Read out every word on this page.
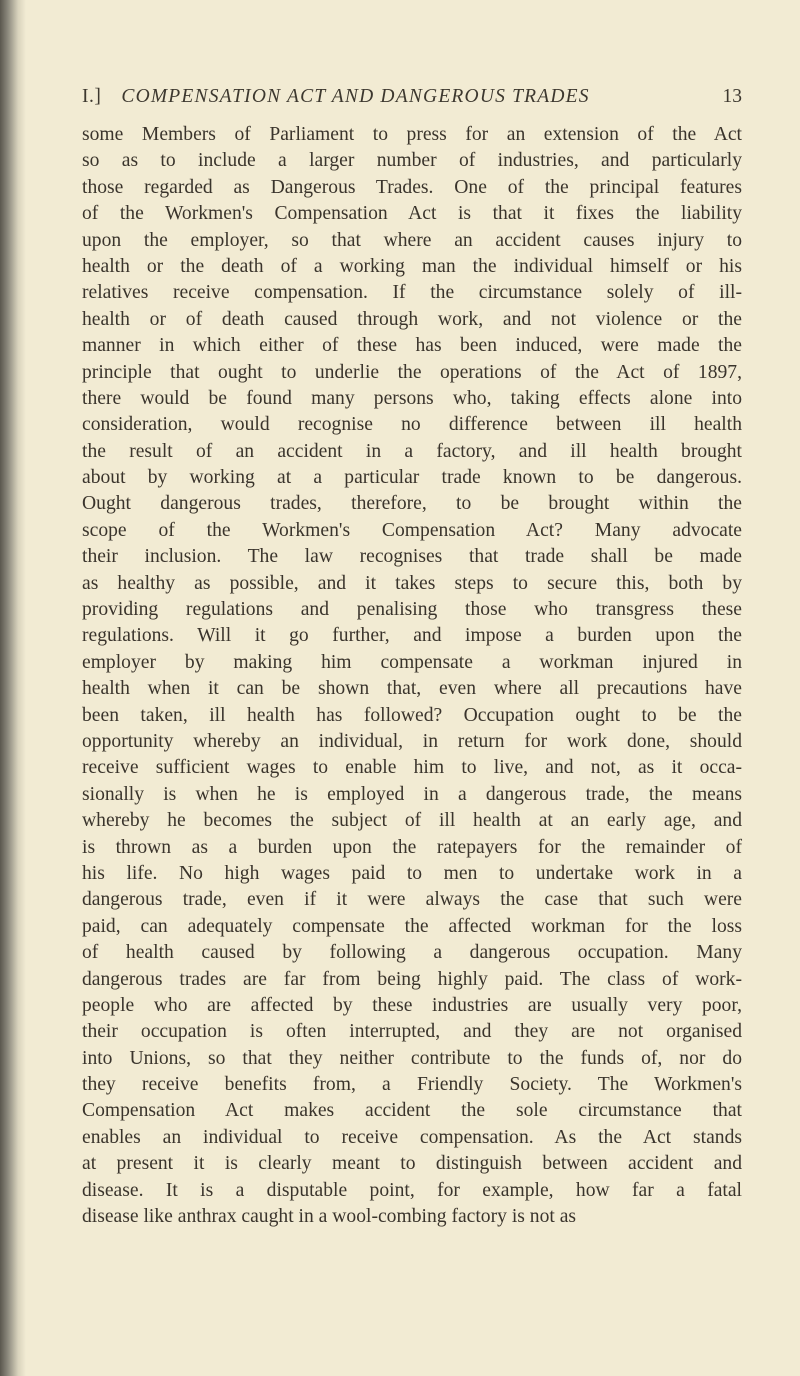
I.] COMPENSATION ACT AND DANGEROUS TRADES	13
some Members of Parliament to press for an extension of the Act
so as to include a larger number of industries, and particularly
those regarded as Dangerous Trades. One of the principal features
of the Workmen's Compensation Act is that it fixes the liability
upon the employer, so that where an accident causes injury to
health or the death of a working man the individual himself or his
relatives receive compensation. If the circumstance solely of ill-
health or of death caused through work, and not violence or the
manner in which either of these has been induced, were made the
principle that ought to underlie the operations of the Act of 1897,
there would be found many persons who, taking effects alone into
consideration, would recognise no difference between ill health
the result of an accident in a factory, and ill health brought
about by working at a particular trade known to be dangerous.
Ought dangerous trades, therefore, to be brought within the
scope of the Workmen's Compensation Act? Many advocate
their inclusion. The law recognises that trade shall be made
as healthy as possible, and it takes steps to secure this, both by
providing regulations and penalising those who transgress these
regulations. Will it go further, and impose a burden upon the
employer by making him compensate a workman injured in
health when it can be shown that, even where all precautions have
been taken, ill health has followed? Occupation ought to be the
opportunity whereby an individual, in return for work done, should
receive sufficient wages to enable him to live, and not, as it occa-
sionally is when he is employed in a dangerous trade, the means
whereby he becomes the subject of ill health at an early age, and
is thrown as a burden upon the ratepayers for the remainder of
his life. No high wages paid to men to undertake work in a
dangerous trade, even if it were always the case that such were
paid, can adequately compensate the affected workman for the loss
of health caused by following a dangerous occupation. Many
dangerous trades are far from being highly paid. The class of work-
people who are affected by these industries are usually very poor,
their occupation is often interrupted, and they are not organised
into Unions, so that they neither contribute to the funds of, nor do
they receive benefits from, a Friendly Society. The Workmen's
Compensation Act makes accident the sole circumstance that
enables an individual to receive compensation. As the Act stands
at present it is clearly meant to distinguish between accident and
disease. It is a disputable point, for example, how far a fatal
disease like anthrax caught in a wool-combing factory is not as
